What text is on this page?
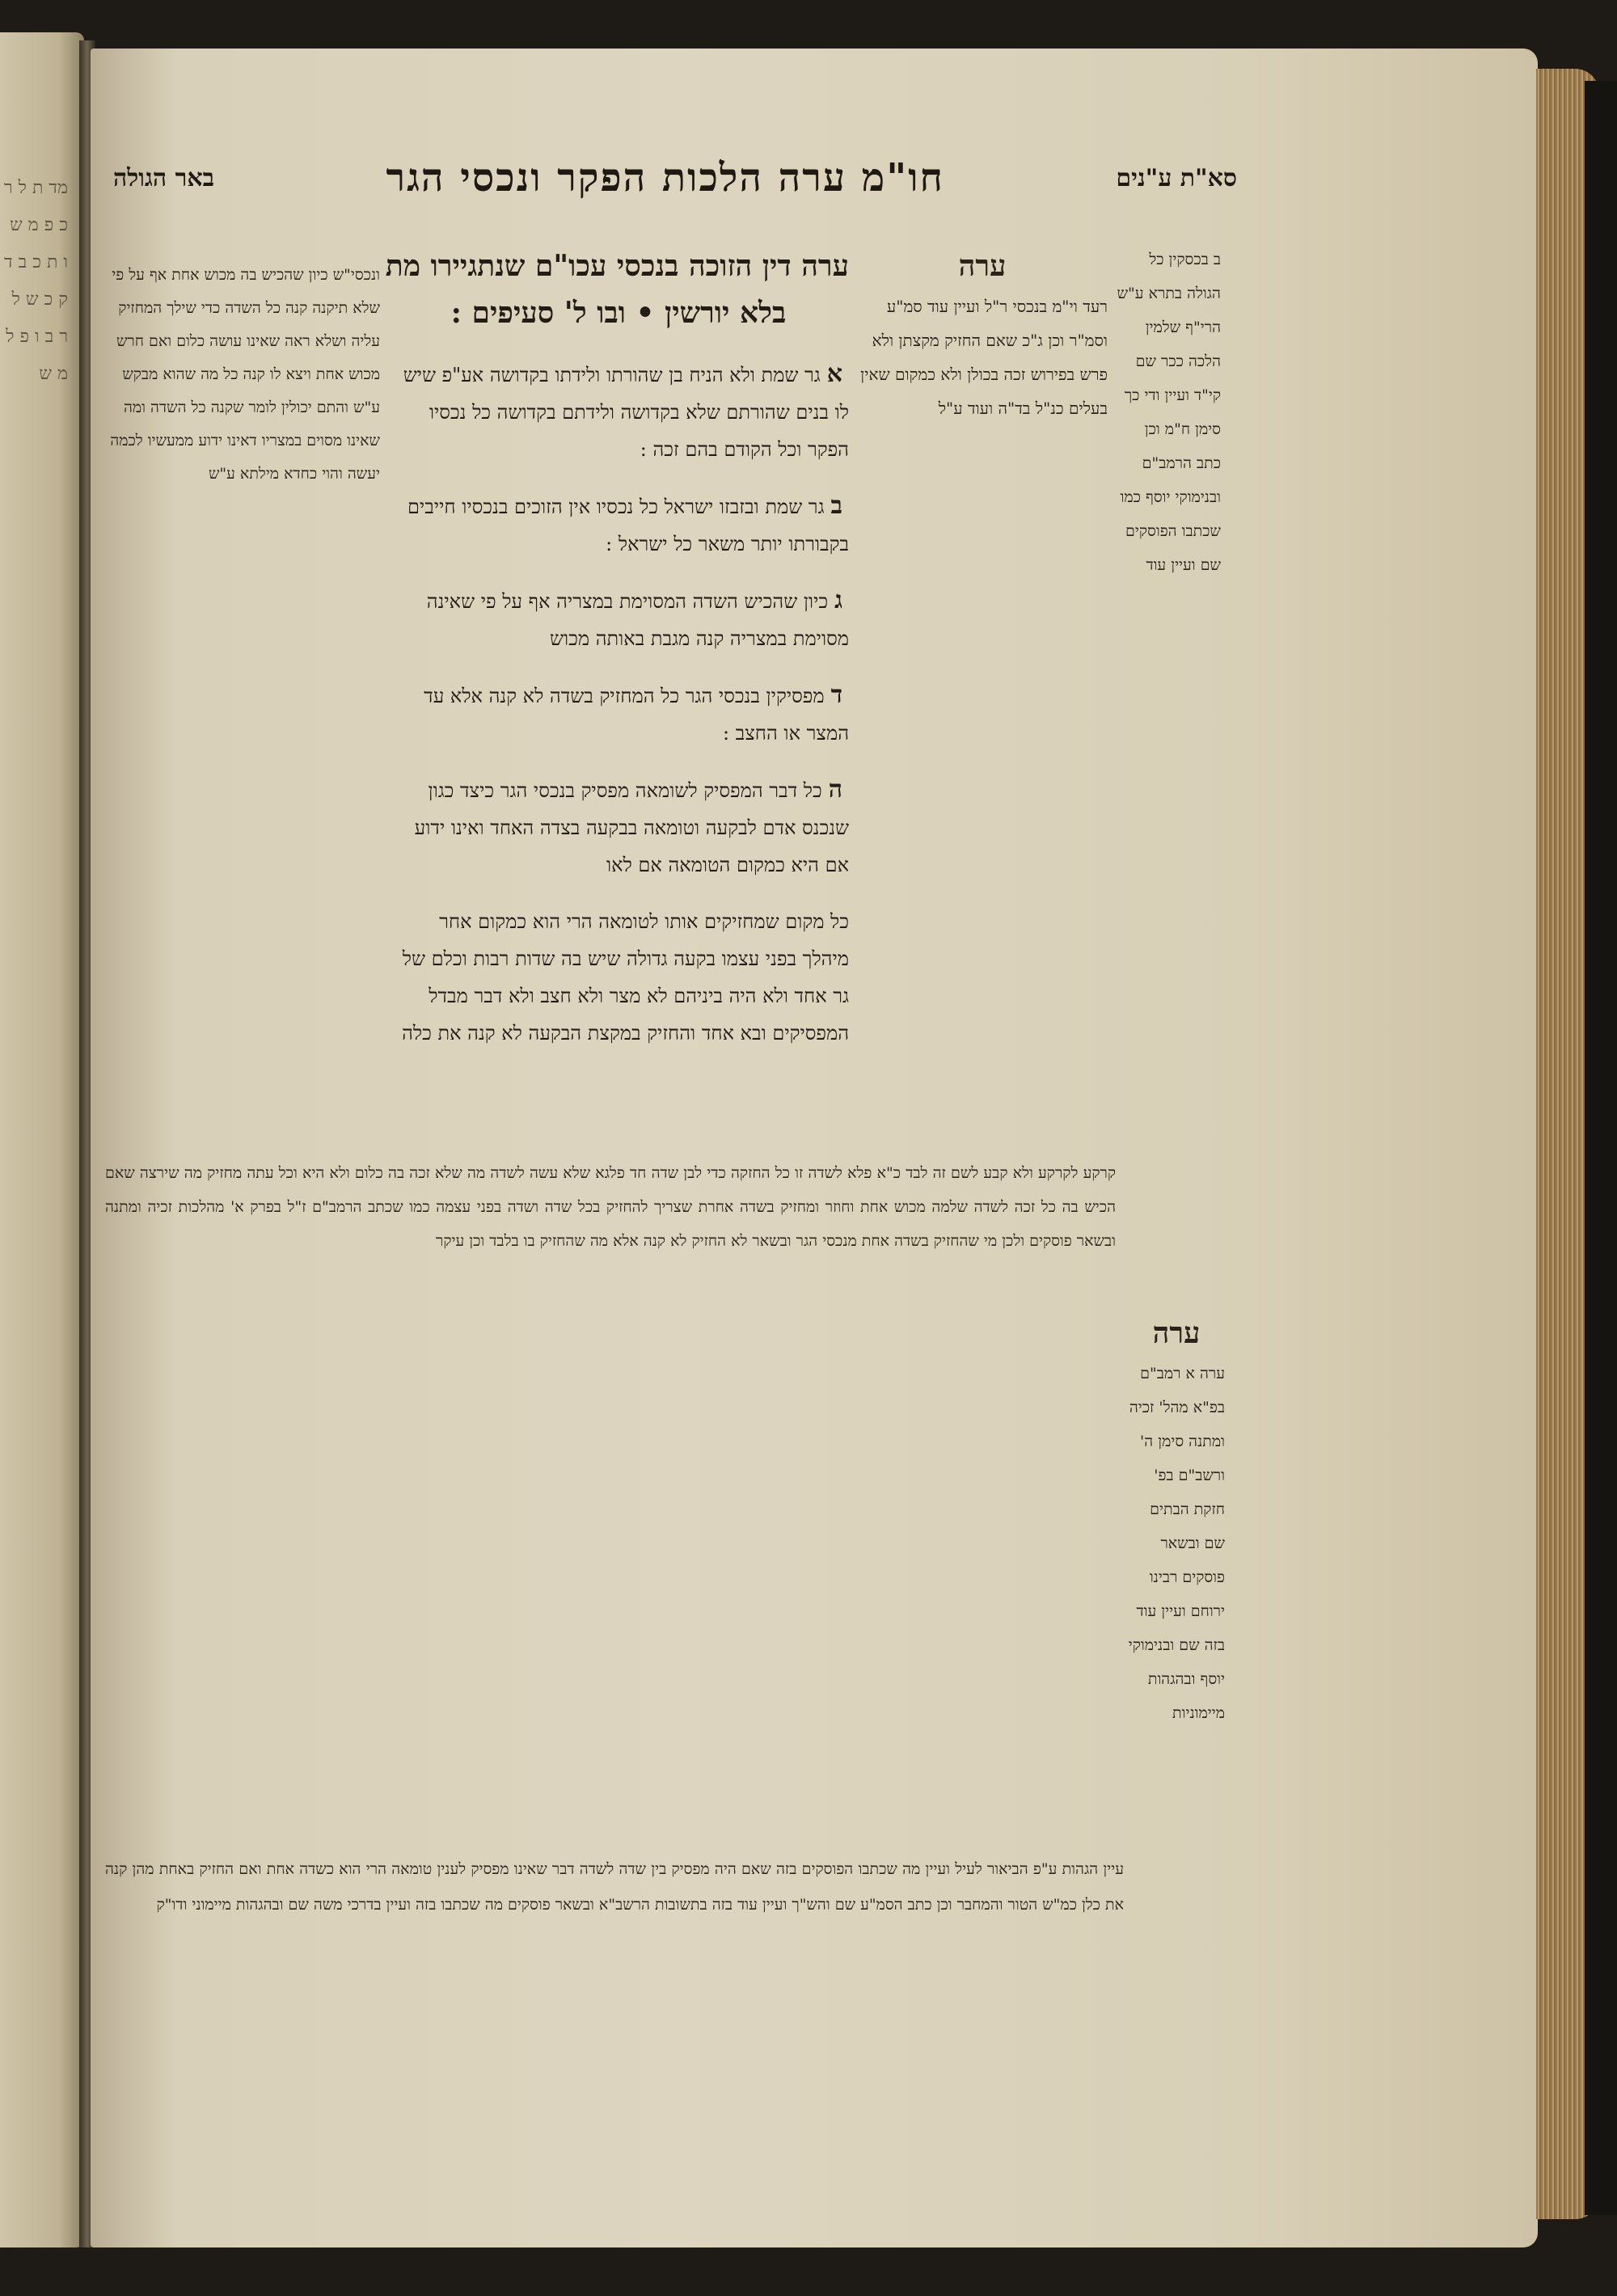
מד ת ל ר כ פ מ ש ו ת כ ב ד ק כ ש ל ר ב ו פ ל מ ש
סא"ת ע"נים
חו"מ ערה הלכות הפקר ונכסי הגר
באר הגולה
ב בכסקין כל הגולה בתרא ע"ש הרי"ף שלמין הלכה ככר שם קי"ד ועיין ודי כך סימן ח"מ וכן כתב הרמב"ם ובנימוקי יוסף כמו שכתבו הפוסקים שם ועיין עוד
ערה
ערה א רמב"ם בפ"א מהל' זכיה ומתנה סימן ה' ורשב"ם בפ' חזקת הבתים שם ובשאר פוסקים רבינו ירוחם ועיין עוד בזה שם ובנימוקי יוסף ובהגהות מיימוניות
ערה
רעד וי"מ בנכסי ר"ל ועיין עוד סמ"ע וסמ"ר וכן ג"כ שאם החזיק מקצתן ולא פרש בפירוש זכה בכולן ולא כמקום שאין בעלים כנ"ל בד"ה ועוד ע"ל
ערה דין הזוכה בנכסי עכו"ם שנתגיירו מת
בלא יורשין • ובו ל' סעיפים :

אגר שמת ולא הניח בן שהורתו ולידתו בקדושה אע"פ שיש לו בנים שהורתם שלא בקדושה ולידתם בקדושה כל נכסיו הפקר וכל הקודם בהם זכה :

בגר שמת ובזבזו ישראל כל נכסיו אין הזוכים בנכסיו חייבים בקבורתו יותר משאר כל ישראל :

גכיון שהכיש השדה המסוימת במצריה אף על פי שאינה מסוימת במצריה קנה מגבת באותה מכוש

דמפסיקין בנכסי הגר כל המחזיק בשדה לא קנה אלא עד המצר או החצב :

הכל דבר המפסיק לשומאה מפסיק בנכסי הגר כיצד כגון שנכנס אדם לבקעה וטומאה בבקעה בצדה האחד ואינו ידוע אם היא כמקום הטומאה אם לאו

כל מקום שמחזיקים אותו לטומאה הרי הוא כמקום אחר מיהלך בפני עצמו בקעה גדולה שיש בה שדות רבות וכלם של גר אחד ולא היה ביניהם לא מצר ולא חצב ולא דבר מבדל המפסיקים ובא אחד והחזיק במקצת הבקעה לא קנה את כלה

ונכסי"ש כיון שהכיש בה מכוש אחת אף על פי שלא תיקנה קנה כל השדה כדי שילך המחזיק עליה ושלא ראה שאינו עושה כלום ואם חרש מכוש אחת ויצא לו קנה כל מה שהוא מבקש ע"ש והתם יכולין לומר שקנה כל השדה ומה שאינו מסוים במצריו דאינו ידוע ממעשיו לכמה יעשה והוי כחדא מילתא ע"ש
קרקע לקרקע ולא קבע לשם זה לבד כ"א פלא לשדה זו כל החזקה כדי לבן שדה חד פלגא שלא עשה לשדה מה שלא זכה בה כלום ולא היא וכל עתה מחזיק מה שירצה שאם הכיש בה כל זכה לשדה שלמה מכוש אחת וחוזר ומחזיק בשדה אחרת שצריך להחזיק בכל שדה ושדה בפני עצמה כמו שכתב הרמב"ם ז"ל בפרק א' מהלכות זכיה ומתנה ובשאר פוסקים ולכן מי שהחזיק בשדה אחת מנכסי הגר ובשאר לא החזיק לא קנה אלא מה שהחזיק בו בלבד וכן עיקר
עיין הגהות ע"פ הביאור לעיל ועיין מה שכתבו הפוסקים בזה שאם היה מפסיק בין שדה לשדה דבר שאינו מפסיק לענין טומאה הרי הוא כשדה אחת ואם החזיק באחת מהן קנה את כלן כמ"ש הטור והמחבר וכן כתב הסמ"ע שם והש"ך ועיין עוד בזה בתשובות הרשב"א ובשאר פוסקים מה שכתבו בזה ועיין בדרכי משה שם ובהגהות מיימוני ודו"ק
